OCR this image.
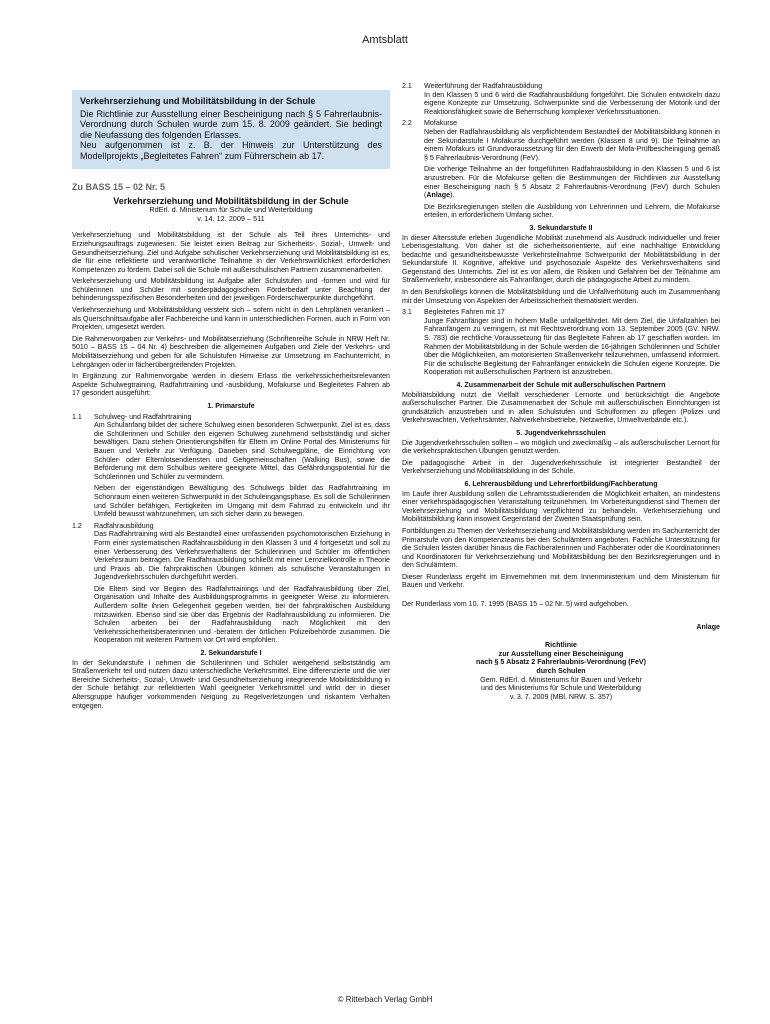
Amtsblatt
Verkehrserziehung und Mobilitätsbildung in der Schule
Die Richtlinie zur Ausstellung einer Bescheinigung nach § 5 Fahrerlaubnis-Verordnung durch Schulen wurde zum 15. 8. 2009 geändert. Sie bedingt die Neufassung des folgenden Erlasses.
Neu aufgenommen ist z. B. der Hinweis zur Unterstützung des Modellprojekts „Begleitetes Fahren“ zum Führerschein ab 17.
Zu BASS 15 – 02 Nr. 5
Verkehrserziehung und Mobilitätsbildung in der Schule
RdErl. d. Ministerium für Schule und Weiterbildung
v. 14. 12. 2009 – 511

Verkehrserziehung und Mobilitätsbildung ist der Schule als Teil ihres Unterrichts- und Erziehungsauftrags zugewiesen. Sie leistet einen Beitrag zur Sicherheits-, Sozial-, Umwelt- und Gesundheitserziehung. Ziel und Aufgabe schulischer Verkehrserziehung und Mobilitätsbildung ist es, die für eine reflektierte und verantwortliche Teilnahme in der Verkehrswirklichkeit erforderlichen Kompetenzen zu fördern. Dabei soll die Schule mit außerschulischen Partnern zusammenarbeiten.

Verkehrserziehung und Mobilitätsbildung ist Aufgabe aller Schulstufen und -formen und wird für Schülerinnen und Schüler mit sonderpädagogischem Förderbedarf unter Beachtung der behinderungsspezifischen Besonderheiten und der jeweiligen Förderschwerpunkte durchgeführt.

Verkehrserziehung und Mobilitätsbildung versteht sich – sofern nicht in den Lehrplänen verankert – als Querschnittsaufgabe aller Fachbereiche und kann in unterschiedlichen Formen, auch in Form von Projekten, umgesetzt werden.

Die Rahmenvorgaben zur Verkehrs- und Mobilitätserziehung (Schriftenreihe Schule in NRW Heft Nr. 5010 – BASS 15 – 04 Nr. 4) beschreiben die allgemeinen Aufgaben und Ziele der Verkehrs- und Mobilitätserziehung und geben für alle Schulstufen Hinweise zur Umsetzung im Fachunterricht, in Lehrgängen oder in fächerübergreifenden Projekten.

In Ergänzung zur Rahmenvorgabe werden in diesem Erlass die verkehrssicherheitsrelevanten Aspekte Schulwegtraining, Radfahrtraining und -ausbildung, Mofakurse und Begleitetes Fahren ab 17 gesondert ausgeführt:

1. Primarstufe
1.1	Schulweg- und Radfahrtraining

Am Schulanfang bildet der sichere Schulweg einen besonderen Schwerpunkt. Ziel ist es, dass die Schülerinnen und Schüler den eigenen Schulweg zunehmend selbstständig und sicher bewältigen. Dazu stehen Orientierungshilfen für Eltern im Online Portal des Ministeriums für Bauen und Verkehr zur Verfügung. Daneben sind Schulwegpläne, die Einrichtung von Schüler- oder Elternlotsendiensten und Gehgemeinschaften (Walking Bus), sowie die Beförderung mit dem Schulbus weitere geeignete Mittel, das Gefährdungspotential für die Schülerinnen und Schüler zu vermindern.

Neben der eigenständigen Bewältigung des Schulwegs bildet das Radfahrtraining im Schonraum einen weiteren Schwerpunkt in der Schuleingangsphase. Es soll die Schülerinnen und Schüler befähigen, Fertigkeiten im Umgang mit dem Fahrrad zu entwickeln und ihr Umfeld bewusst wahrzunehmen, um sich sicher darin zu bewegen.

1.2	Radfahrausbildung

Das Radfahrtraining wird als Bestandteil einer umfassenden psychomotorischen Erziehung in Form einer systematischen Radfahrausbildung in den Klassen 3 und 4 fortgesetzt und soll zu einer Verbesserung des Verkehrsverhaltens der Schülerinnen und Schüler im öffentlichen Verkehrsraum beitragen. Die Radfahrausbildung schließt mit einer Lernzielkontrolle in Theorie und Praxis ab. Die fahrpraktischen Übungen können als schulische Veranstaltungen in Jugendverkehrsschulen durchgeführt werden.

Die Eltern sind vor Beginn des Radfahrtrainings und der Radfahrausbildung über Ziel, Organisation und Inhalte des Ausbildungsprogramms in geeigneter Weise zu informieren. Außerdem sollte ihnen Gelegenheit gegeben werden, bei der fahrpraktischen Ausbildung mitzuwirken. Ebenso sind sie über das Ergebnis der Radfahrausbildung zu informieren. Die Schulen arbeiten bei der Radfahrausbildung nach Möglichkeit mit den Verkehrssicherheitsberaterinnen und -beratern der örtlichen Polizeibehörde zusammen. Die Kooperation mit weiteren Partnern vor Ort wird empfohlen.

2. Sekundarstufe I

In der Sekundarstufe I nehmen die Schülerinnen und Schüler weitgehend selbstständig am Straßenverkehr teil und nutzen dazu unterschiedliche Verkehrsmittel. Eine differenzierte und die vier Bereiche Sicherheits-, Sozial-, Umwelt- und Gesundheitserziehung integrierende Mobilitätsbildung in der Schule befähigt zur reflektierten Wahl geeigneter Verkehrsmittel und wirkt der in dieser Altersgruppe häufiger vorkommenden Neigung zu Regelverletzungen und riskantem Verhalten entgegen.

2.1	Weiterführung der Radfahrausbildung

In den Klassen 5 und 6 wird die Radfahrausbildung fortgeführt. Die Schulen entwickeln dazu eigene Konzepte zur Umsetzung. Schwerpunkte sind die Verbesserung der Motorik und der Reaktionsfähigkeit sowie die Beherrschung komplexer Verkehrssituationen.

2.2	Mofakurse

Neben der Radfahrausbildung als verpflichtendem Bestandteil der Mobilitätsbildung können in der Sekundarstufe I Mofakurse durchgeführt werden (Klassen 8 und 9). Die Teilnahme an einem Mofakurs ist Grundvoraussetzung für den Erwerb der Mofa-Prüfbescheinigung gemäß § 5 Fahrerlaubnis-Verordnung (FeV).

Die vorherige Teilnahme an der fortgeführten Radfahrausbildung in den Klassen 5 und 6 ist anzustreben. Für die Mofakurse gelten die Bestimmungen der Richtlinien zur Ausstellung einer Bescheinigung nach § 5 Absatz 2 Fahrerlaubnis-Verordnung (FeV) durch Schulen (Anlage).

Die Bezirksregierungen stellen die Ausbildung von Lehrerinnen und Lehrern, die Mofakurse erteilen, in erforderlichem Umfang sicher.

3. Sekundarstufe II

In dieser Altersstufe erleben Jugendliche Mobilität zunehmend als Ausdruck individueller und freier Lebensgestaltung. Von daher ist die sicherheitsorientierte, auf eine nachhaltige Entwicklung bedachte und gesundheitsbewusste Verkehrsteilnahme Schwerpunkt der Mobilitätsbildung in der Sekundarstufe II. Kognitive, affektive und psychosoziale Aspekte des Verkehrsverhaltens sind Gegenstand des Unterrichts. Ziel ist es vor allem, die Risiken und Gefahren bei der Teilnahme am Straßenverkehr, insbesondere als Fahranfänger, durch die pädagogische Arbeit zu mindern.

In den Berufskollegs können die Mobilitätsbildung und die Unfallverhütung auch im Zusammenhang mit der Umsetzung von Aspekten der Arbeitssicherheit thematisiert werden.

3.1	Begleitetes Fahren mit 17

Junge Fahranfänger sind in hohem Maße unfallgefährdet. Mit dem Ziel, die Unfallzahlen bei Fahranfängern zu verringern, ist mit Rechtsverordnung vom 13. September 2005 (GV. NRW. S. 783) die rechtliche Voraussetzung für das Begleitete Fahren ab 17 geschaffen worden. Im Rahmen der Mobilitätsbildung in der Schule werden die 16-jährigen Schülerinnen und Schüler über die Möglichkeiten, am motorisierten Straßenverkehr teilzunehmen, umfassend informiert. Für die schulische Begleitung der Fahranfänger entwickeln die Schulen eigene Konzepte. Die Kooperation mit außerschulischen Partnern ist anzustreben.

4. Zusammenarbeit der Schule mit außerschulischen Partnern

Mobilitätsbildung nutzt die Vielfalt verschiedener Lernorte und berücksichtigt die Angebote außerschulischer Partner. Die Zusammenarbeit der Schule mit außerschulischen Einrichtungen ist grundsätzlich anzustreben und in allen Schulstufen und Schulformen zu pflegen (Polizei und Verkehrswachten, Verkehrsämter, Nahverkehrsbetriebe, Netzwerke, Umweltverbände etc.).

5. Jugendverkehrsschulen

Die Jugendverkehrsschulen sollten – wo möglich und zweckmäßig – als außerschulischer Lernort für die verkehrspraktischen Übungen genutzt werden.

Die pädagogische Arbeit in der Jugendverkehrsschule ist integrierter Bestandteil der Verkehrserziehung und Mobilitätsbildung in der Schule.

6. Lehrerausbildung und Lehrerfortbildung/Fachberatung

Im Laufe ihrer Ausbildung sollen die Lehramtsstudierenden die Möglichkeit erhalten, an mindestens einer verkehrspädagogischen Veranstaltung teilzunehmen. Im Vorbereitungsdienst sind Themen der Verkehrserziehung und Mobilitätsbildung verpflichtend zu behandeln. Verkehrserziehung und Mobilitätsbildung kann insoweit Gegenstand der Zweiten Staatsprüfung sein.

Fortbildungen zu Themen der Verkehrserziehung und Mobilitätsbildung werden im Sachunterricht der Primarstufe von den Kompetenzteams bei den Schulämtern angeboten. Fachliche Unterstützung für die Schulen leisten darüber hinaus die Fachberaterinnen und Fachberater oder die Koordinatorinnen und Koordinatoren für Verkehrserziehung und Mobilitätsbildung bei den Bezirksregierungen und in den Schulämtern.

Dieser Runderlass ergeht im Einvernehmen mit dem Innenministerium und dem Ministerium für Bauen und Verkehr.

Der Runderlass vom 10. 7. 1995 (BASS 15 – 02 Nr. 5) wird aufgehoben.

Anlage
Richtlinie
zur Ausstellung einer Bescheinigung
nach § 5 Absatz 2 Fahrerlaubnis-Verordnung (FeV)
durch Schulen
Gem. RdErl. d. Ministeriums für Bauen und Verkehr
und des Ministeriums für Schule und Weiterbildung
v. 3. 7. 2009 (MBl. NRW. S. 357)
© Ritterbach Verlag GmbH
